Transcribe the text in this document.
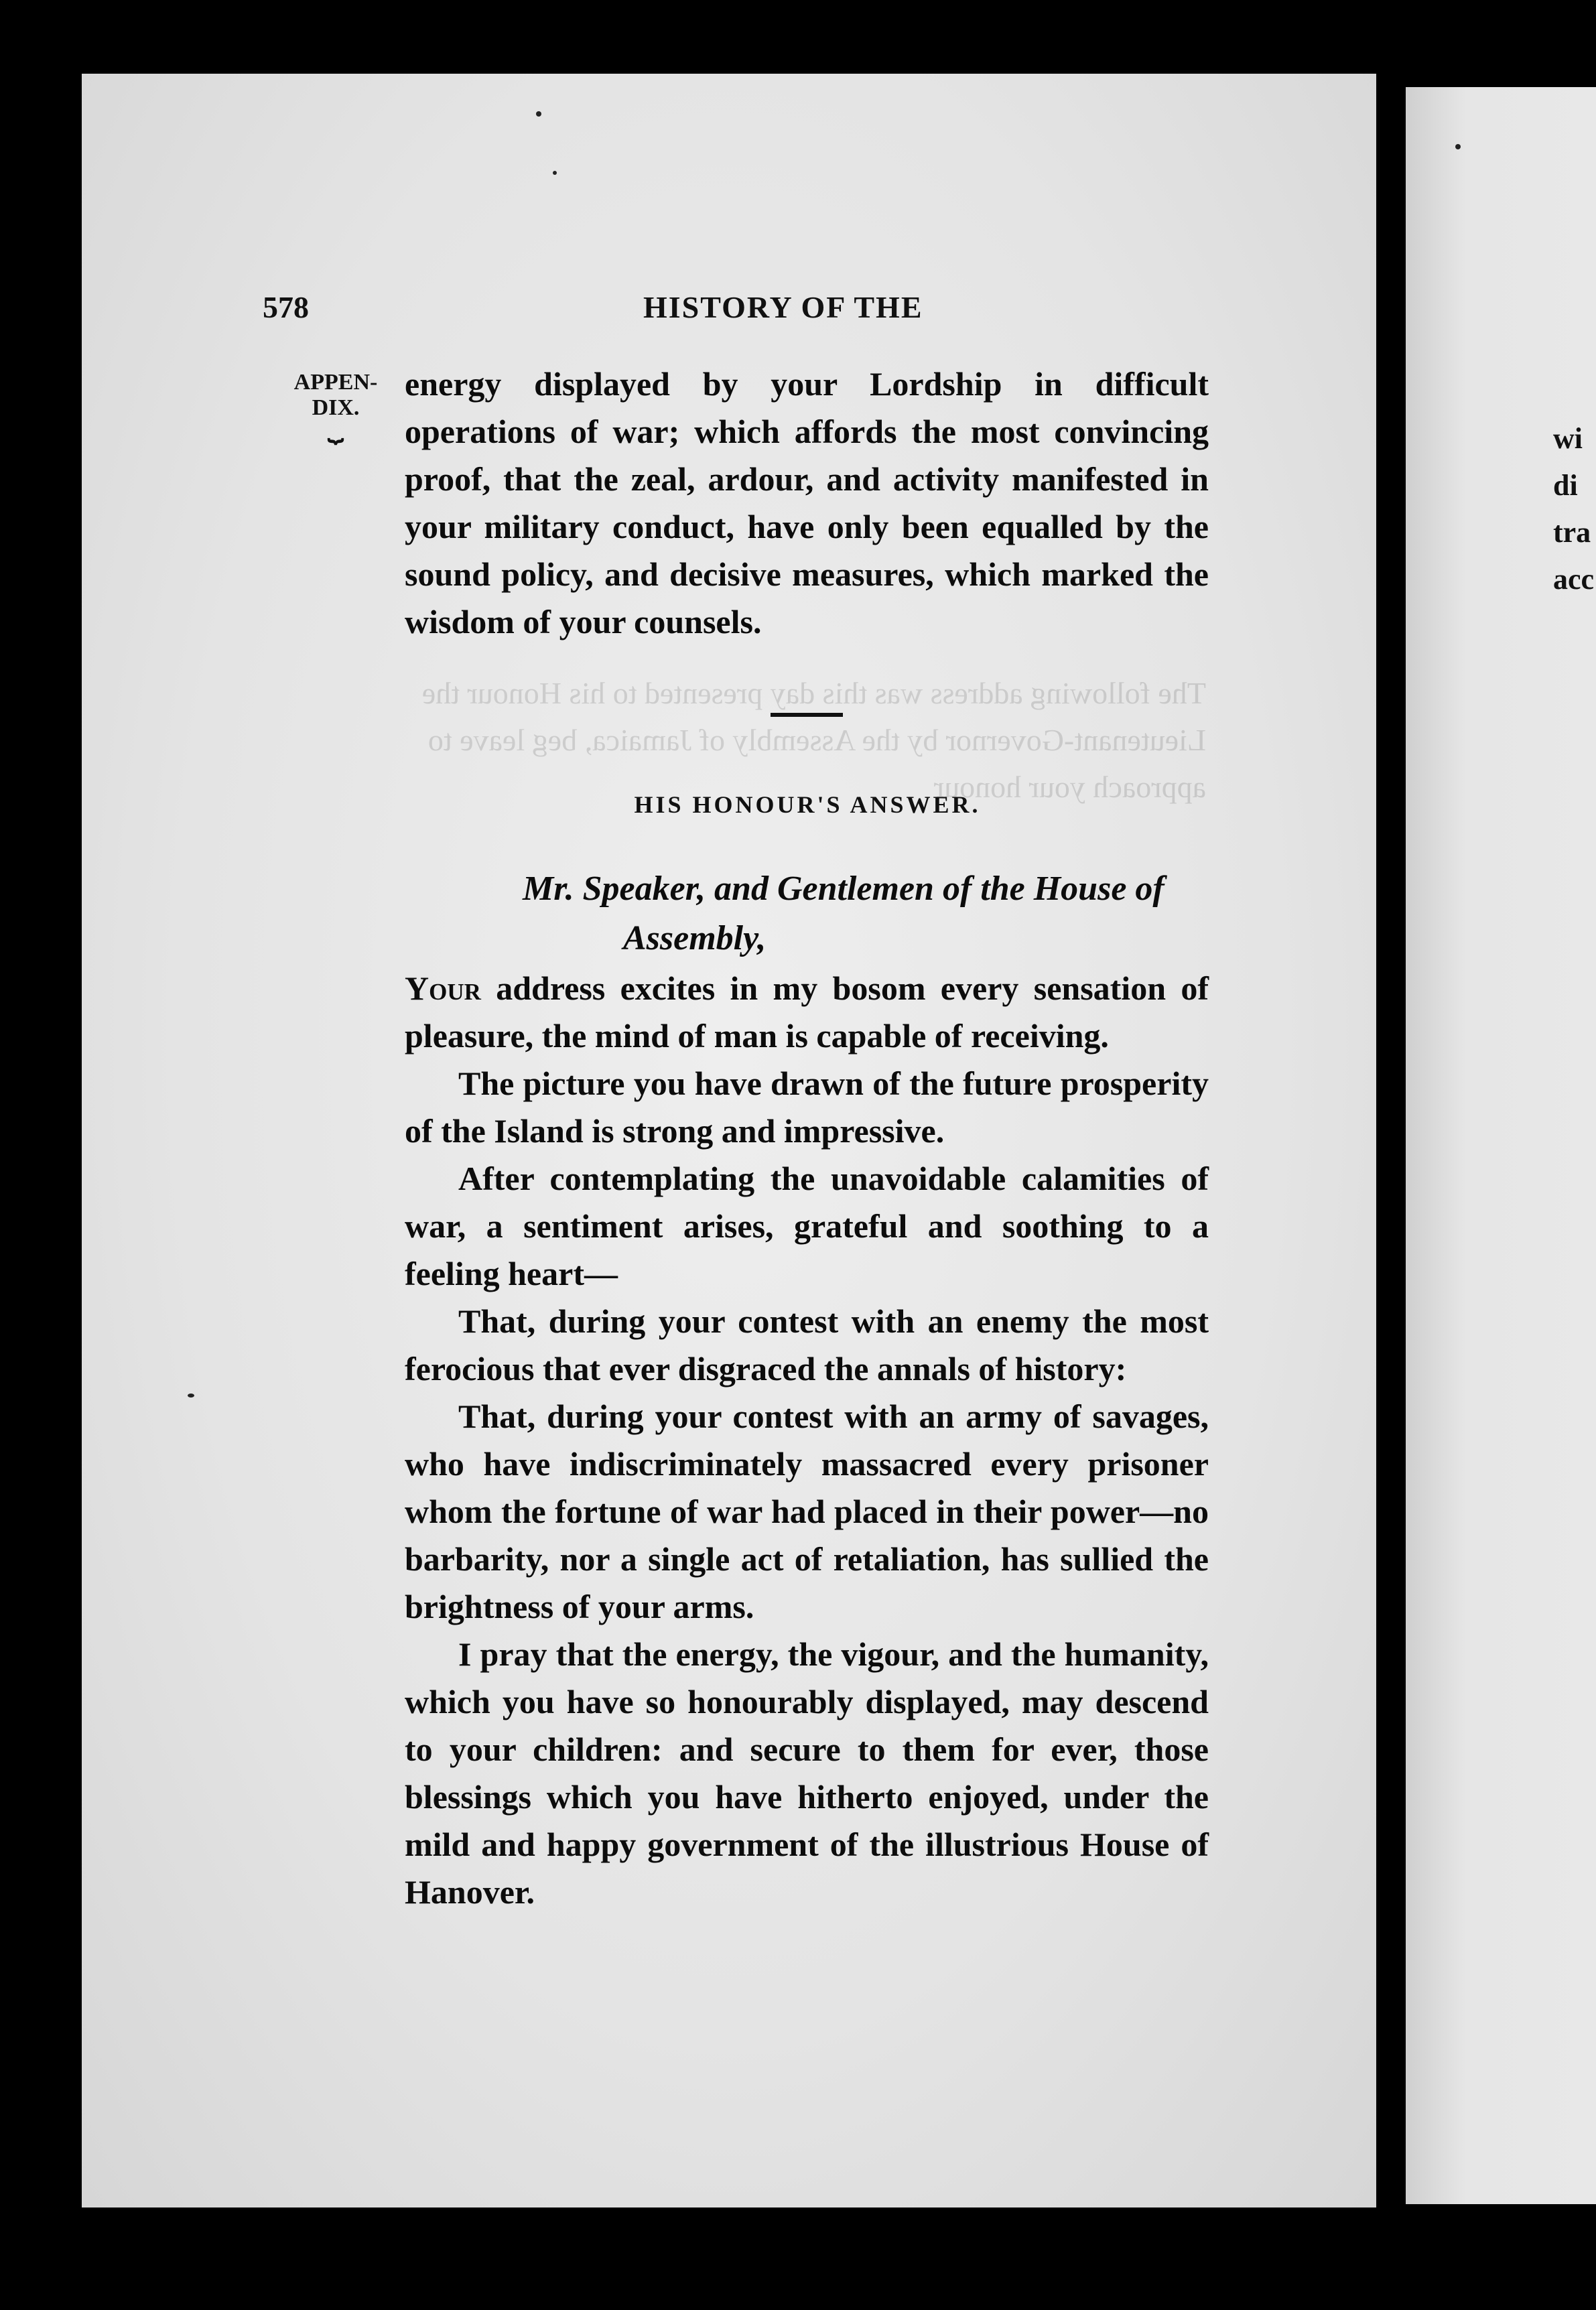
The following address was this day presented to his Honour the Lieutenant-Governor by the Assembly of Jamaica, beg leave to approach your honour
578	HISTORY OF THE
APPEN-
DIX.
⏟

energy displayed by your Lordship in difficult operations of war; which affords the most convincing proof, that the zeal, ardour, and activity manifested in your military conduct, have only been equalled by the sound policy, and decisive measures, which marked the wisdom of your counsels.

HIS HONOUR'S ANSWER.
Mr. Speaker, and Gentlemen of the House of
Assembly,

Your address excites in my bosom every sensation of pleasure, the mind of man is capable of receiving.

The picture you have drawn of the future prosperity of the Island is strong and impressive.

After contemplating the unavoidable calamities of war, a sentiment arises, grateful and soothing to a feeling heart—

That, during your contest with an enemy the most ferocious that ever disgraced the annals of history:

That, during your contest with an army of savages, who have indiscriminately massacred every prisoner whom the fortune of war had placed in their power—no barbarity, nor a single act of retaliation, has sullied the brightness of your arms.

I pray that the energy, the vigour, and the humanity, which you have so honourably displayed, may descend to your children: and secure to them for ever, those blessings which you have hitherto enjoyed, under the mild and happy government of the illustrious House of Hanover.

wi
di
tra
acc
